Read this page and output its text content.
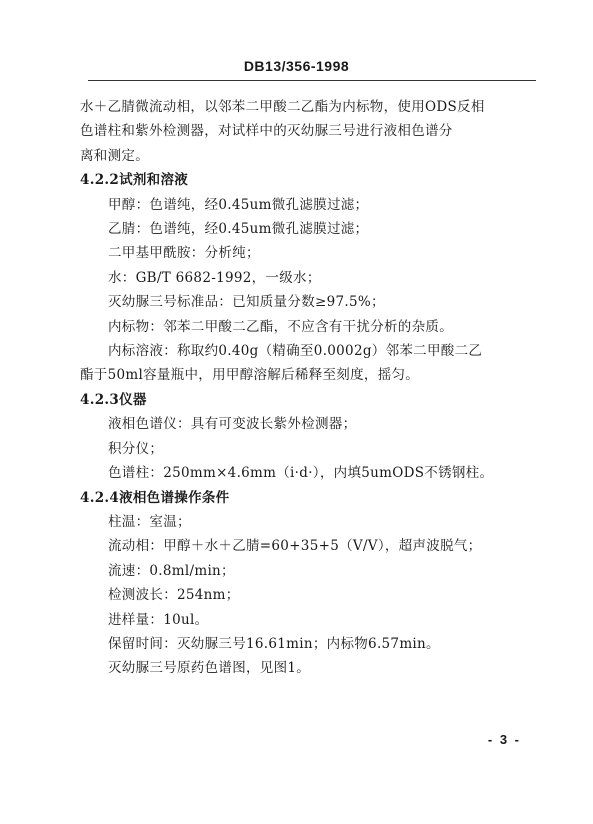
DB13/356-1998
水＋乙腈微流动相，以邻苯二甲酸二乙酯为内标物，使用ODS反相
色谱柱和紫外检测器，对试样中的灭幼脲三号进行液相色谱分
离和测定。
4.2.2试剂和溶液
甲醇：色谱纯，经0.45um微孔滤膜过滤；
乙腈：色谱纯，经0.45um微孔滤膜过滤；
二甲基甲酰胺：分析纯；
水：GB/T 6682-1992，一级水；
灭幼脲三号标准品：已知质量分数≥97.5%；
内标物：邻苯二甲酸二乙酯，不应含有干扰分析的杂质。
内标溶液：称取约0.40g（精确至0.0002g）邻苯二甲酸二乙
酯于50ml容量瓶中，用甲醇溶解后稀释至刻度，摇匀。
4.2.3仪器
液相色谱仪：具有可变波长紫外检测器；
积分仪；
色谱柱：250mm×4.6mm（i·d·），内填5umODS不锈钢柱。
4.2.4液相色谱操作条件
柱温：室温；
流动相：甲醇＋水＋乙腈=60+35+5（V/V），超声波脱气；
流速：0.8ml/min；
检测波长：254nm；
进样量：10ul。
保留时间：灭幼脲三号16.61min；内标物6.57min。
灭幼脲三号原药色谱图，见图1。
- 3 -
